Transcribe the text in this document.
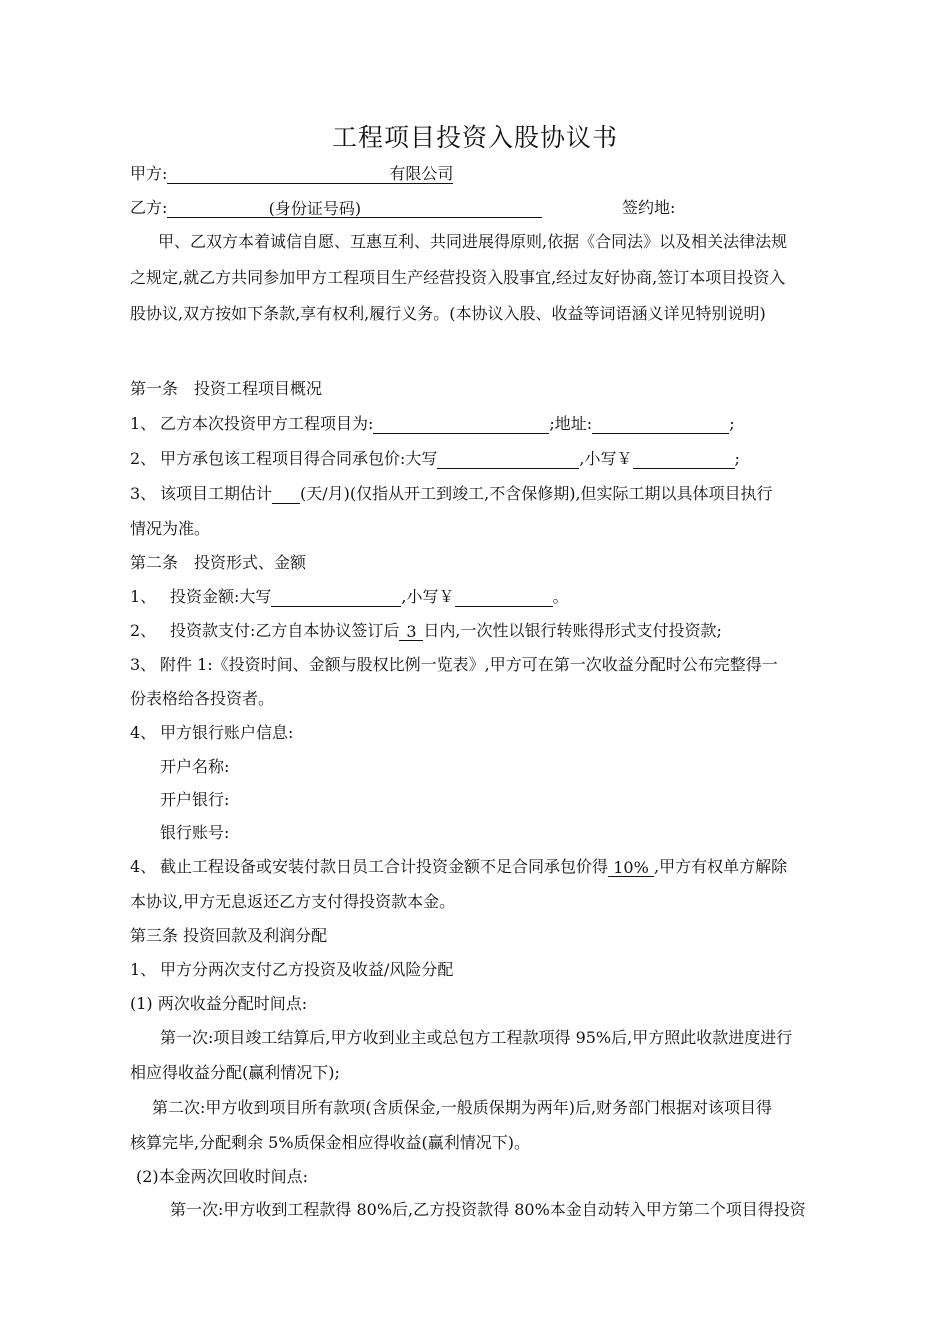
工程项目投资入股协议书
甲方:	有限公司
乙方:	(身份证号码)	签约地:
甲、乙双方本着诚信自愿、互惠互利、共同进展得原则,依据《合同法》以及相关法律法规
之规定,就乙方共同参加甲方工程项目生产经营投资入股事宜,经过友好协商,签订本项目投资入
股协议,双方按如下条款,享有权利,履行义务。(本协议入股、收益等词语涵义详见特别说明)
第一条　投资工程项目概况
1、 乙方本次投资甲方工程项目为:	;地址:	;
2、 甲方承包该工程项目得合同承包价:大写	,小写￥	;
3、 该项目工期估计 (天/月)(仅指从开工到竣工,不含保修期),但实际工期以具体项目执行
情况为准。
第二条　投资形式、金额
1、 投资金额:大写	,小写￥	。
2、 投资款支付:乙方自本协议签订后 3 日内,一次性以银行转账得形式支付投资款;
3、 附件 1:《投资时间、金额与股权比例一览表》,甲方可在第一次收益分配时公布完整得一
份表格给各投资者。
4、 甲方银行账户信息:
开户名称:
开户银行:
银行账号:
4、 截止工程设备或安装付款日员工合计投资金额不足合同承包价得 10% ,甲方有权单方解除
本协议,甲方无息返还乙方支付得投资款本金。
第三条 投资回款及利润分配
1、 甲方分两次支付乙方投资及收益/风险分配
(1) 两次收益分配时间点:
第一次:项目竣工结算后,甲方收到业主或总包方工程款项得 95%后,甲方照此收款进度进行
相应得收益分配(赢利情况下);
第二次:甲方收到项目所有款项(含质保金,一般质保期为两年)后,财务部门根据对该项目得
核算完毕,分配剩余 5%质保金相应得收益(赢利情况下)。
(2)本金两次回收时间点:
第一次:甲方收到工程款得 80%后,乙方投资款得 80%本金自动转入甲方第二个项目得投资
